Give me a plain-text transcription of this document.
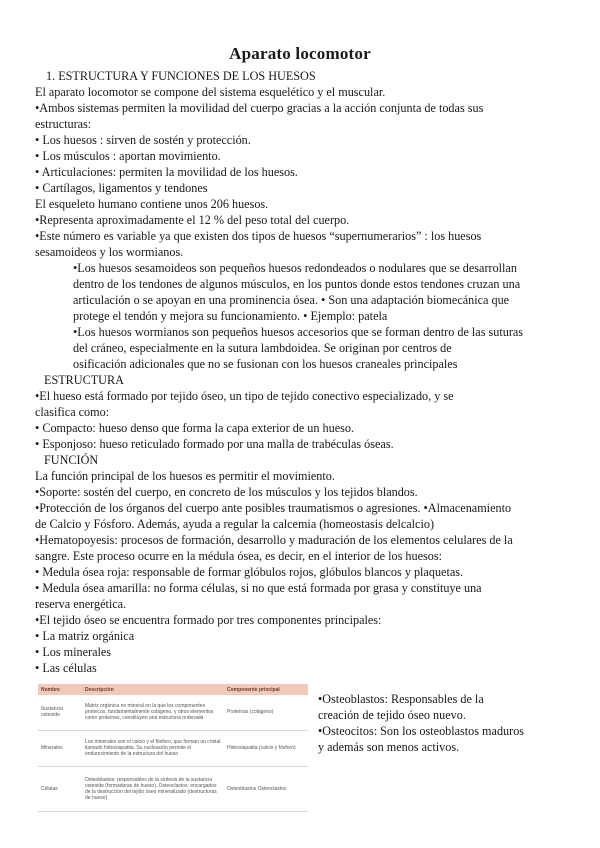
Aparato locomotor
1. ESTRUCTURA Y FUNCIONES DE LOS HUESOS
El aparato locomotor se compone del sistema esquelético y el muscular.
•Ambos sistemas permiten la movilidad del cuerpo gracias a la acción conjunta de todas sus
estructuras:
• Los huesos : sirven de sostén y protección.
• Los músculos : aportan movimiento.
• Articulaciones: permiten la movilidad de los huesos.
• Cartílagos, ligamentos y tendones
El esqueleto humano contiene unos 206 huesos.
•Representa aproximadamente el 12 % del peso total del cuerpo.
•Este número es variable ya que existen dos tipos de huesos “supernumerarios” : los huesos
sesamoideos y los wormianos.
•Los huesos sesamoideos son pequeños huesos redondeados o nodulares que se desarrollan
dentro de los tendones de algunos músculos, en los puntos donde estos tendones cruzan una
articulación o se apoyan en una prominencia ósea. • Son una adaptación biomecánica que
protege el tendón y mejora su funcionamiento. • Ejemplo: patela
•Los huesos wormianos son pequeños huesos accesorios que se forman dentro de las suturas
del cráneo, especialmente en la sutura lambdoidea. Se originan por centros de
osificación adicionales que no se fusionan con los huesos craneales principales
ESTRUCTURA
•El hueso está formado por tejido óseo, un tipo de tejido conectivo especializado, y se
clasifica como:
• Compacto: hueso denso que forma la capa exterior de un hueso.
• Esponjoso: hueso reticulado formado por una malla de trabéculas óseas.
FUNCIÓN
La función principal de los huesos es permitir el movimiento.
•Soporte: sostén del cuerpo, en concreto de los músculos y los tejidos blandos.
•Protección de los órganos del cuerpo ante posibles traumatismos o agresiones. •Almacenamiento
de Calcio y Fósforo. Además, ayuda a regular la calcemia (homeostasis delcalcio)
•Hematopoyesis: procesos de formación, desarrollo y maduración de los elementos celulares de la
sangre. Este proceso ocurre en la médula ósea, es decir, en el interior de los huesos:
• Medula ósea roja: responsable de formar glóbulos rojos, glóbulos blancos y plaquetas.
• Medula ósea amarilla: no forma células, si no que está formada por grasa y constituye una
reserva energética.
•El tejido óseo se encuentra formado por tres componentes principales:
• La matriz orgánica
• Los minerales
• Las células
Nombre	Descripción	Componente principal
Sustancia osteoide	Matriz orgánica no mineral en la que los componentes proteicos, fundamentalmente colágeno, y otros elementos como proteínas, constituyen una estructura ordenada	Proteínas (colágeno)
Minerales	Los minerales son el calcio y el fósforo, que forman un cristal llamado hidroxiapatita. Su nucleación permite el endurecimiento de la estructura del hueso	Hidroxiapatita (calcio y fósforo)
Células	Osteoblastos: responsables de la síntesis de la sustancia osteoide (formadoras de hueso). Osteoclastos: encargados de la destrucción del tejido óseo mineralizado (destructoras de hueso)	Osteoblastos Osteoclastos
•Osteoblastos: Responsables de la
creación de tejido óseo nuevo.
•Osteocitos: Son los osteoblastos maduros
y además son menos activos.
